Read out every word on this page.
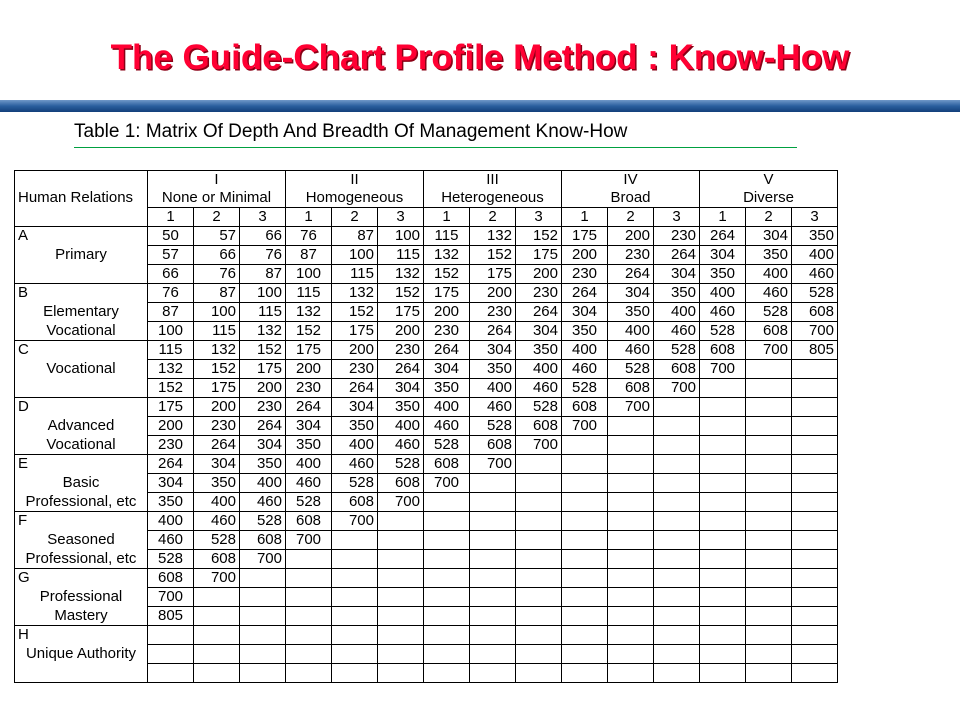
The Guide-Chart Profile Method : Know-How
Table 1: Matrix Of Depth And Breadth Of Management Know-How
	I			II			III			IV			V		
Human Relations	None or Minimal			Homogeneous			Heterogeneous			Broad			Diverse		
	1	2	3	1	2	3	1	2	3	1	2	3	1	2	3
A	50	57	66	76	87	100	115	132	152	175	200	230	264	304	350
Primary	57	66	76	87	100	115	132	152	175	200	230	264	304	350	400
	66	76	87	100	115	132	152	175	200	230	264	304	350	400	460
B	76	87	100	115	132	152	175	200	230	264	304	350	400	460	528
Elementary	87	100	115	132	152	175	200	230	264	304	350	400	460	528	608
Vocational	100	115	132	152	175	200	230	264	304	350	400	460	528	608	700
C	115	132	152	175	200	230	264	304	350	400	460	528	608	700	805
Vocational	132	152	175	200	230	264	304	350	400	460	528	608	700		
	152	175	200	230	264	304	350	400	460	528	608	700			
D	175	200	230	264	304	350	400	460	528	608	700				
Advanced	200	230	264	304	350	400	460	528	608	700					
Vocational	230	264	304	350	400	460	528	608	700						
E	264	304	350	400	460	528	608	700							
Basic	304	350	400	460	528	608	700								
Professional, etc	350	400	460	528	608	700									
F	400	460	528	608	700										
Seasoned	460	528	608	700											
Professional, etc	528	608	700												
G	608	700													
Professional	700														
Mastery	805														
H															
Unique Authority															
